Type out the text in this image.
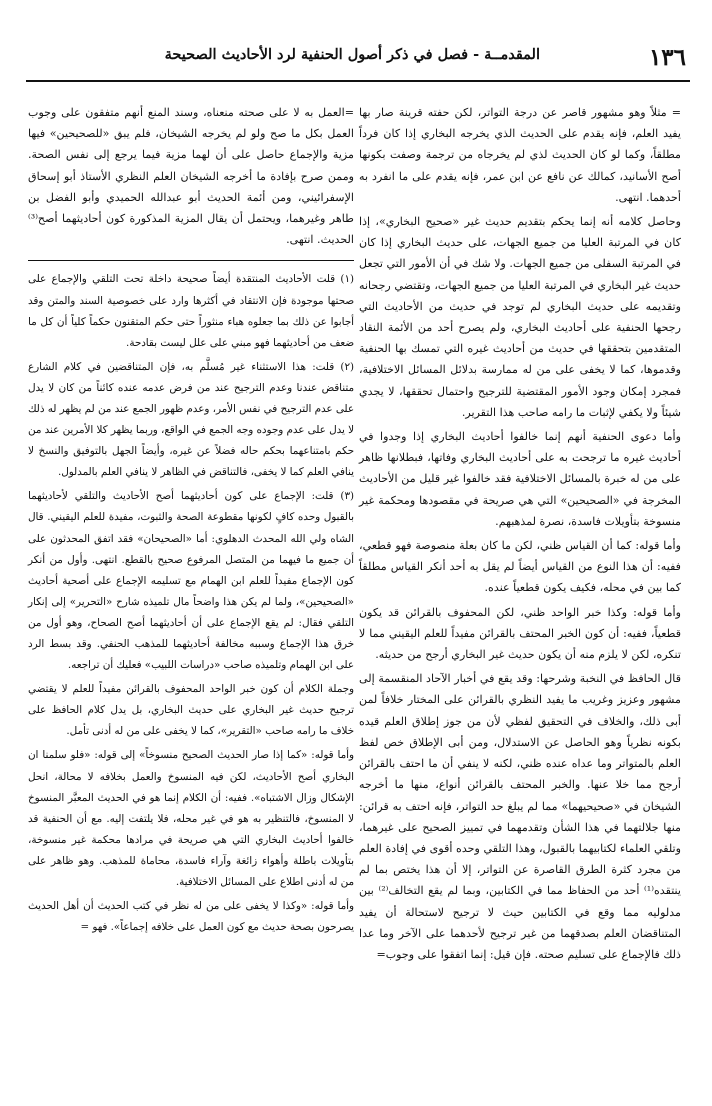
١٣٦
المقدمــة - فصل في ذكر أصول الحنفية لرد الأحاديث الصحيحة

= مثلاً وهو مشهور قاصر عن درجة التواتر، لكن حفته قرينة صار بها يفيد العلم، فإنه يقدم على الحديث الذي يخرجه البخاري إذا كان فرداً مطلقاً، وكما لو كان الحديث لذي لم يخرجاه من ترجمة وصفت بكونها أصح الأسانيد، كمالك عن نافع عن ابن عمر، فإنه يقدم على ما انفرد به أحدهما. انتهى.

وحاصل كلامه أنه إنما يحكم بتقديم حديث غير «صحيح البخاري»، إذا كان في المرتبة العليا من جميع الجهات، على حديث البخاري إذا كان في المرتبة السفلى من جميع الجهات. ولا شك في أن الأمور التي تجعل حديث غير البخاري في المرتبة العليا من جميع الجهات، وتقتضي رجحانه وتقديمه على حديث البخاري لم توجد في حديث من الأحاديث التي رجحها الحنفية على أحاديث البخاري، ولم يصرح أحد من الأئمة النقاد المتقدمين بتحققها في حديث من أحاديث غيره التي تمسك بها الحنفية وقدموها، كما لا يخفى على من له ممارسة بدلائل المسائل الاختلافية، فمجرد إمكان وجود الأمور المقتضية للترجيح واحتمال تحققها، لا يجدي شيئاً ولا يكفي لإثبات ما رامه صاحب هذا التقرير.

وأما دعوى الحنفية أنهم إنما خالفوا أحاديث البخاري إذا وجدوا في أحاديث غيره ما ترجحت به على أحاديث البخاري وفاتها، فبطلانها ظاهر على من له خبرة بالمسائل الاختلافية فقد خالفوا غير قليل من الأحاديث المخرجة في «الصحيحين» التي هي صريحة في مقصودها ومحكمة غير منسوخة بتأويلات فاسدة، نصرة لمذهبهم.

وأما قوله: كما أن القياس ظني، لكن ما كان بعلة منصوصة فهو قطعي، ففيه: أن هذا النوع من القياس أيضاً لم يقل به أحد أنكر القياس مطلقاً كما بين في محله، فكيف يكون قطعياً عنده.

وأما قوله: وكذا خبر الواحد ظني، لكن المحفوف بالقرائن قد يكون قطعياً، ففيه: أن كون الخبر المحتف بالقرائن مفيداً للعلم اليقيني مما لا تنكره، لكن لا يلزم منه أن يكون حديث غير البخاري أرجح من حديثه.

قال الحافظ في النخبة وشرحها: وقد يقع في أخبار الآحاد المنقسمة إلى مشهور وعزيز وغريب ما يفيد النظري بالقرائن على المختار خلافاً لمن أبى ذلك، والخلاف في التحقيق لفظي لأن من جوز إطلاق العلم قيده بكونه نظرياً وهو الحاصل عن الاستدلال، ومن أبى الإطلاق خص لفظ العلم بالمتواتر وما عداه عنده ظني، لكنه لا ينفي أن ما احتف بالقرائن أرجح مما خلا عنها. والخبر المحتف بالقرائن أنواع، منها ما أخرجه الشيخان في «صحيحيهما» مما لم يبلغ حد التواتر، فإنه احتف به قرائن: منها جلالتهما في هذا الشأن وتقدمهما في تمييز الصحيح على غيرهما، وتلقي العلماء لكتابيهما بالقبول، وهذا التلقي وحده أقوى في إفادة العلم من مجرد كثرة الطرق القاصرة عن التواتر، إلا أن هذا يختص بما لم ينتقده⁽¹⁾ أحد من الحفاظ مما في الكتابين، وبما لم يقع التخالف⁽²⁾ بين مدلوليه مما وقع في الكتابين حيث لا ترجيح لاستحالة أن يفيد المتناقضان العلم بصدقهما من غير ترجيح لأحدهما على الآخر وما عدا ذلك فالإجماع على تسليم صحته. فإن قيل: إنما اتفقوا على وجوب=

=العمل به لا على صحته منعناه، وسند المنع أنهم متفقون على وجوب العمل بكل ما صح ولو لم يخرجه الشيخان، فلم يبق «للصحيحين» فيها مزية والإجماع حاصل على أن لهما مزية فيما يرجع إلى نفس الصحة. وممن صرح بإفادة ما أخرجه الشيخان العلم النظري الأستاذ أبو إسحاق الإسفرائيني، ومن أئمة الحديث أبو عبدالله الحميدي وأبو الفضل بن طاهر وغيرهما، ويحتمل أن يقال المزية المذكورة كون أحاديثهما أصح⁽³⁾ الحديث. انتهى.

(١) قلت الأحاديث المنتقدة أيضاً صحيحة داخلة تحت التلقي والإجماع على صحتها موجودة فإن الانتقاد في أكثرها وارد على خصوصية السند والمتن وقد أجابوا عن ذلك بما جعلوه هباء منثوراً حتى حكم المتقنون حكماً كلياً أن كل ما ضعف من أحاديثهما فهو مبني على علل ليست بقادحة.

(٢) قلت: هذا الاستثناء غير مُسلَّم به، فإن المتناقضين في كلام الشارع متناقض عندنا وعدم الترجيح عند من فرض عدمه عنده كائناً من كان لا يدل على عدم الترجيح في نفس الأمر، وعدم ظهور الجمع عند من لم يظهر له ذلك لا يدل على عدم وجوده وجه الجمع في الواقع، وربما يظهر كلا الأمرين عند من حكم بامتناعهما بحكم حاله فضلاً عن غيره، وأيضاً الجهل بالتوفيق والنسخ لا ينافي العلم كما لا يخفى، فالتناقض في الظاهر لا ينافي العلم بالمدلول.

(٣) قلت: الإجماع على كون أحاديثهما أصح الأحاديث والتلقي لأحاديثهما بالقبول وحده كافٍ لكونها مقطوعة الصحة والثبوت، مفيدة للعلم اليقيني. قال الشاه ولي الله المحدث الدهلوي: أما «الصحيحان» فقد اتفق المحدثون على أن جميع ما فيهما من المتصل المرفوع صحيح بالقطع. انتهى. وأول من أنكر كون الإجماع مفيداً للعلم ابن الهمام مع تسليمه الإجماع على أصحية أحاديث «الصحيحين»، ولما لم يكن هذا واضحاً مال تلميذه شارح «التحرير» إلى إنكار التلقي فقال: لم يقع الإجماع على أن أحاديثهما أصح الصحاح، وهو أول من خرق هذا الإجماع وسببه مخالفة أحاديثهما للمذهب الحنفي. وقد بسط الرد على ابن الهمام وتلميذه صاحب «دراسات اللبيب» فعليك أن تراجعه.

وجملة الكلام أن كون خبر الواحد المحفوف بالقرائن مفيداً للعلم لا يقتضي ترجيح حديث غير البخاري على حديث البخاري، بل يدل كلام الحافظ على خلاف ما رامه صاحب «التقرير»، كما لا يخفى على من له أدنى تأمل.

وأما قوله: «كما إذا صار الحديث الصحيح منسوخاً» إلى قوله: «فلو سلمنا ان البخاري أصح الأحاديث، لكن فيه المنسوخ والعمل بخلافه لا محالة، انحل الإشكال وزال الاشتباه». ففيه: أن الكلام إنما هو في الحديث المعبَّر المنسوخ لا المنسوخ، فالتنظير به هو في غير محله، فلا يلتفت إليه. مع أن الحنفية قد خالفوا أحاديث البخاري التي هي صريحة في مرادها محكمة غير منسوخة، بتأويلات باطلة وأهواء زائغة وآراء فاسدة، محاماة للمذهب. وهو ظاهر على من له أدنى اطلاع على المسائل الاختلافية.

وأما قوله: «وكذا لا يخفى على من له نظر في كتب الحديث أن أهل الحديث يصرحون بصحة حديث مع كون العمل على خلافه إجماعاً». فهو =
